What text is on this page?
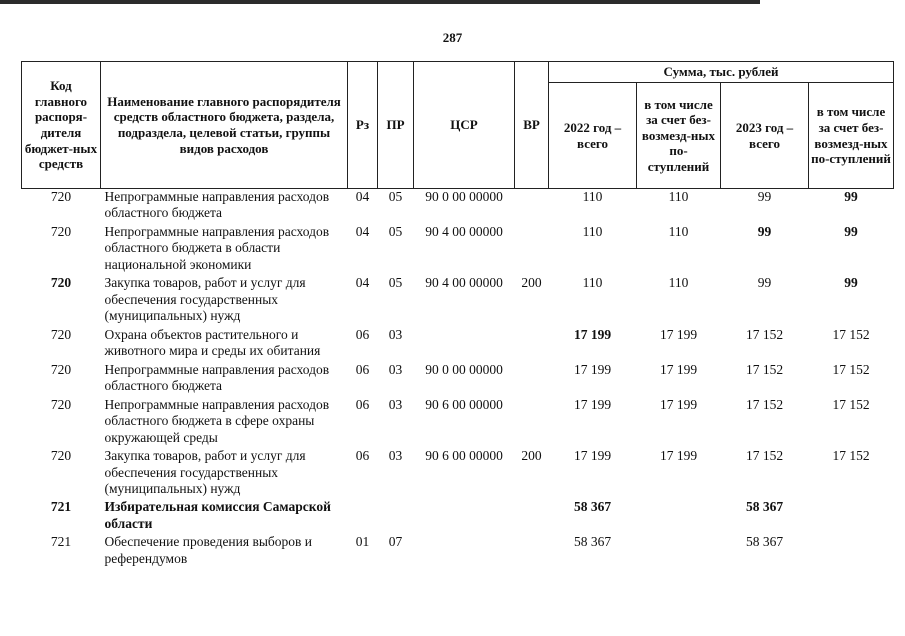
287
Код главного распоря-дителя бюджет-ных средств	Наименование главного распорядителя средств областного бюджета, раздела, подраздела, целевой статьи, группы видов расходов	Рз	ПР	ЦСР	ВР	Сумма, тыс. рублей			
						2022 год – всего	в том числе за счет без-возмезд-ных по-ступлений	2023 год – всего	в том числе за счет без-возмезд-ных по-ступлений
720	Непрограммные направления расходов областного бюджета	04	05	90 0 00 00000		110	110	99	99
720	Непрограммные направления расходов областного бюджета в области национальной экономики	04	05	90 4 00 00000		110	110	99	99
720	Закупка товаров, работ и услуг для обеспечения государственных (муниципальных) нужд	04	05	90 4 00 00000	200	110	110	99	99
720	Охрана объектов растительного и животного мира и среды их обитания	06	03			17 199	17 199	17 152	17 152
720	Непрограммные направления расходов областного бюджета	06	03	90 0 00 00000		17 199	17 199	17 152	17 152
720	Непрограммные направления расходов областного бюджета в сфере охраны окружающей среды	06	03	90 6 00 00000		17 199	17 199	17 152	17 152
720	Закупка товаров, работ и услуг для обеспечения государственных (муниципальных) нужд	06	03	90 6 00 00000	200	17 199	17 199	17 152	17 152
721	Избирательная комиссия Самарской области					58 367		58 367	
721	Обеспечение проведения выборов и референдумов	01	07			58 367		58 367	
